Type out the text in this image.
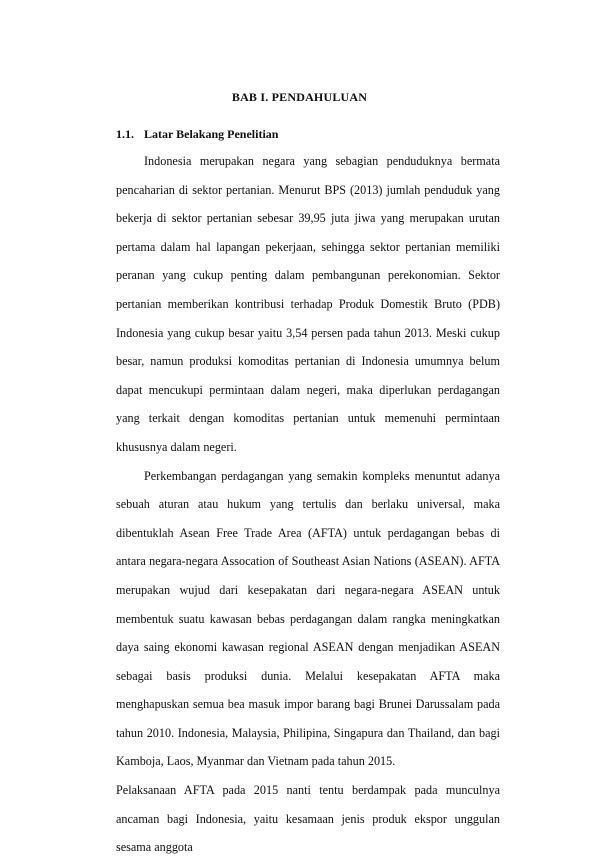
BAB I. PENDAHULUAN
1.1. Latar Belakang Penelitian

Indonesia merupakan negara yang sebagian penduduknya bermata pencaharian di sektor pertanian. Menurut BPS (2013) jumlah penduduk yang bekerja di sektor pertanian sebesar 39,95 juta jiwa yang merupakan urutan pertama dalam hal lapangan pekerjaan, sehingga sektor pertanian memiliki peranan yang cukup penting dalam pembangunan perekonomian. Sektor pertanian memberikan kontribusi terhadap Produk Domestik Bruto (PDB) Indonesia yang cukup besar yaitu 3,54 persen pada tahun 2013. Meski cukup besar, namun produksi komoditas pertanian di Indonesia umumnya belum dapat mencukupi permintaan dalam negeri, maka diperlukan perdagangan yang terkait dengan komoditas pertanian untuk memenuhi permintaan khususnya dalam negeri.

Perkembangan perdagangan yang semakin kompleks menuntut adanya sebuah aturan atau hukum yang tertulis dan berlaku universal, maka dibentuklah Asean Free Trade Area (AFTA) untuk perdagangan bebas di antara negara-negara Assocation of Southeast Asian Nations (ASEAN). AFTA merupakan wujud dari kesepakatan dari negara-negara ASEAN untuk membentuk suatu kawasan bebas perdagangan dalam rangka meningkatkan daya saing ekonomi kawasan regional ASEAN dengan menjadikan ASEAN sebagai basis produksi dunia. Melalui kesepakatan AFTA maka menghapuskan semua bea masuk impor barang bagi Brunei Darussalam pada tahun 2010. Indonesia, Malaysia, Philipina, Singapura dan Thailand, dan bagi Kamboja, Laos, Myanmar dan Vietnam pada tahun 2015.

Pelaksanaan AFTA pada 2015 nanti tentu berdampak pada munculnya ancaman bagi Indonesia, yaitu kesamaan jenis produk ekspor unggulan sesama anggota
